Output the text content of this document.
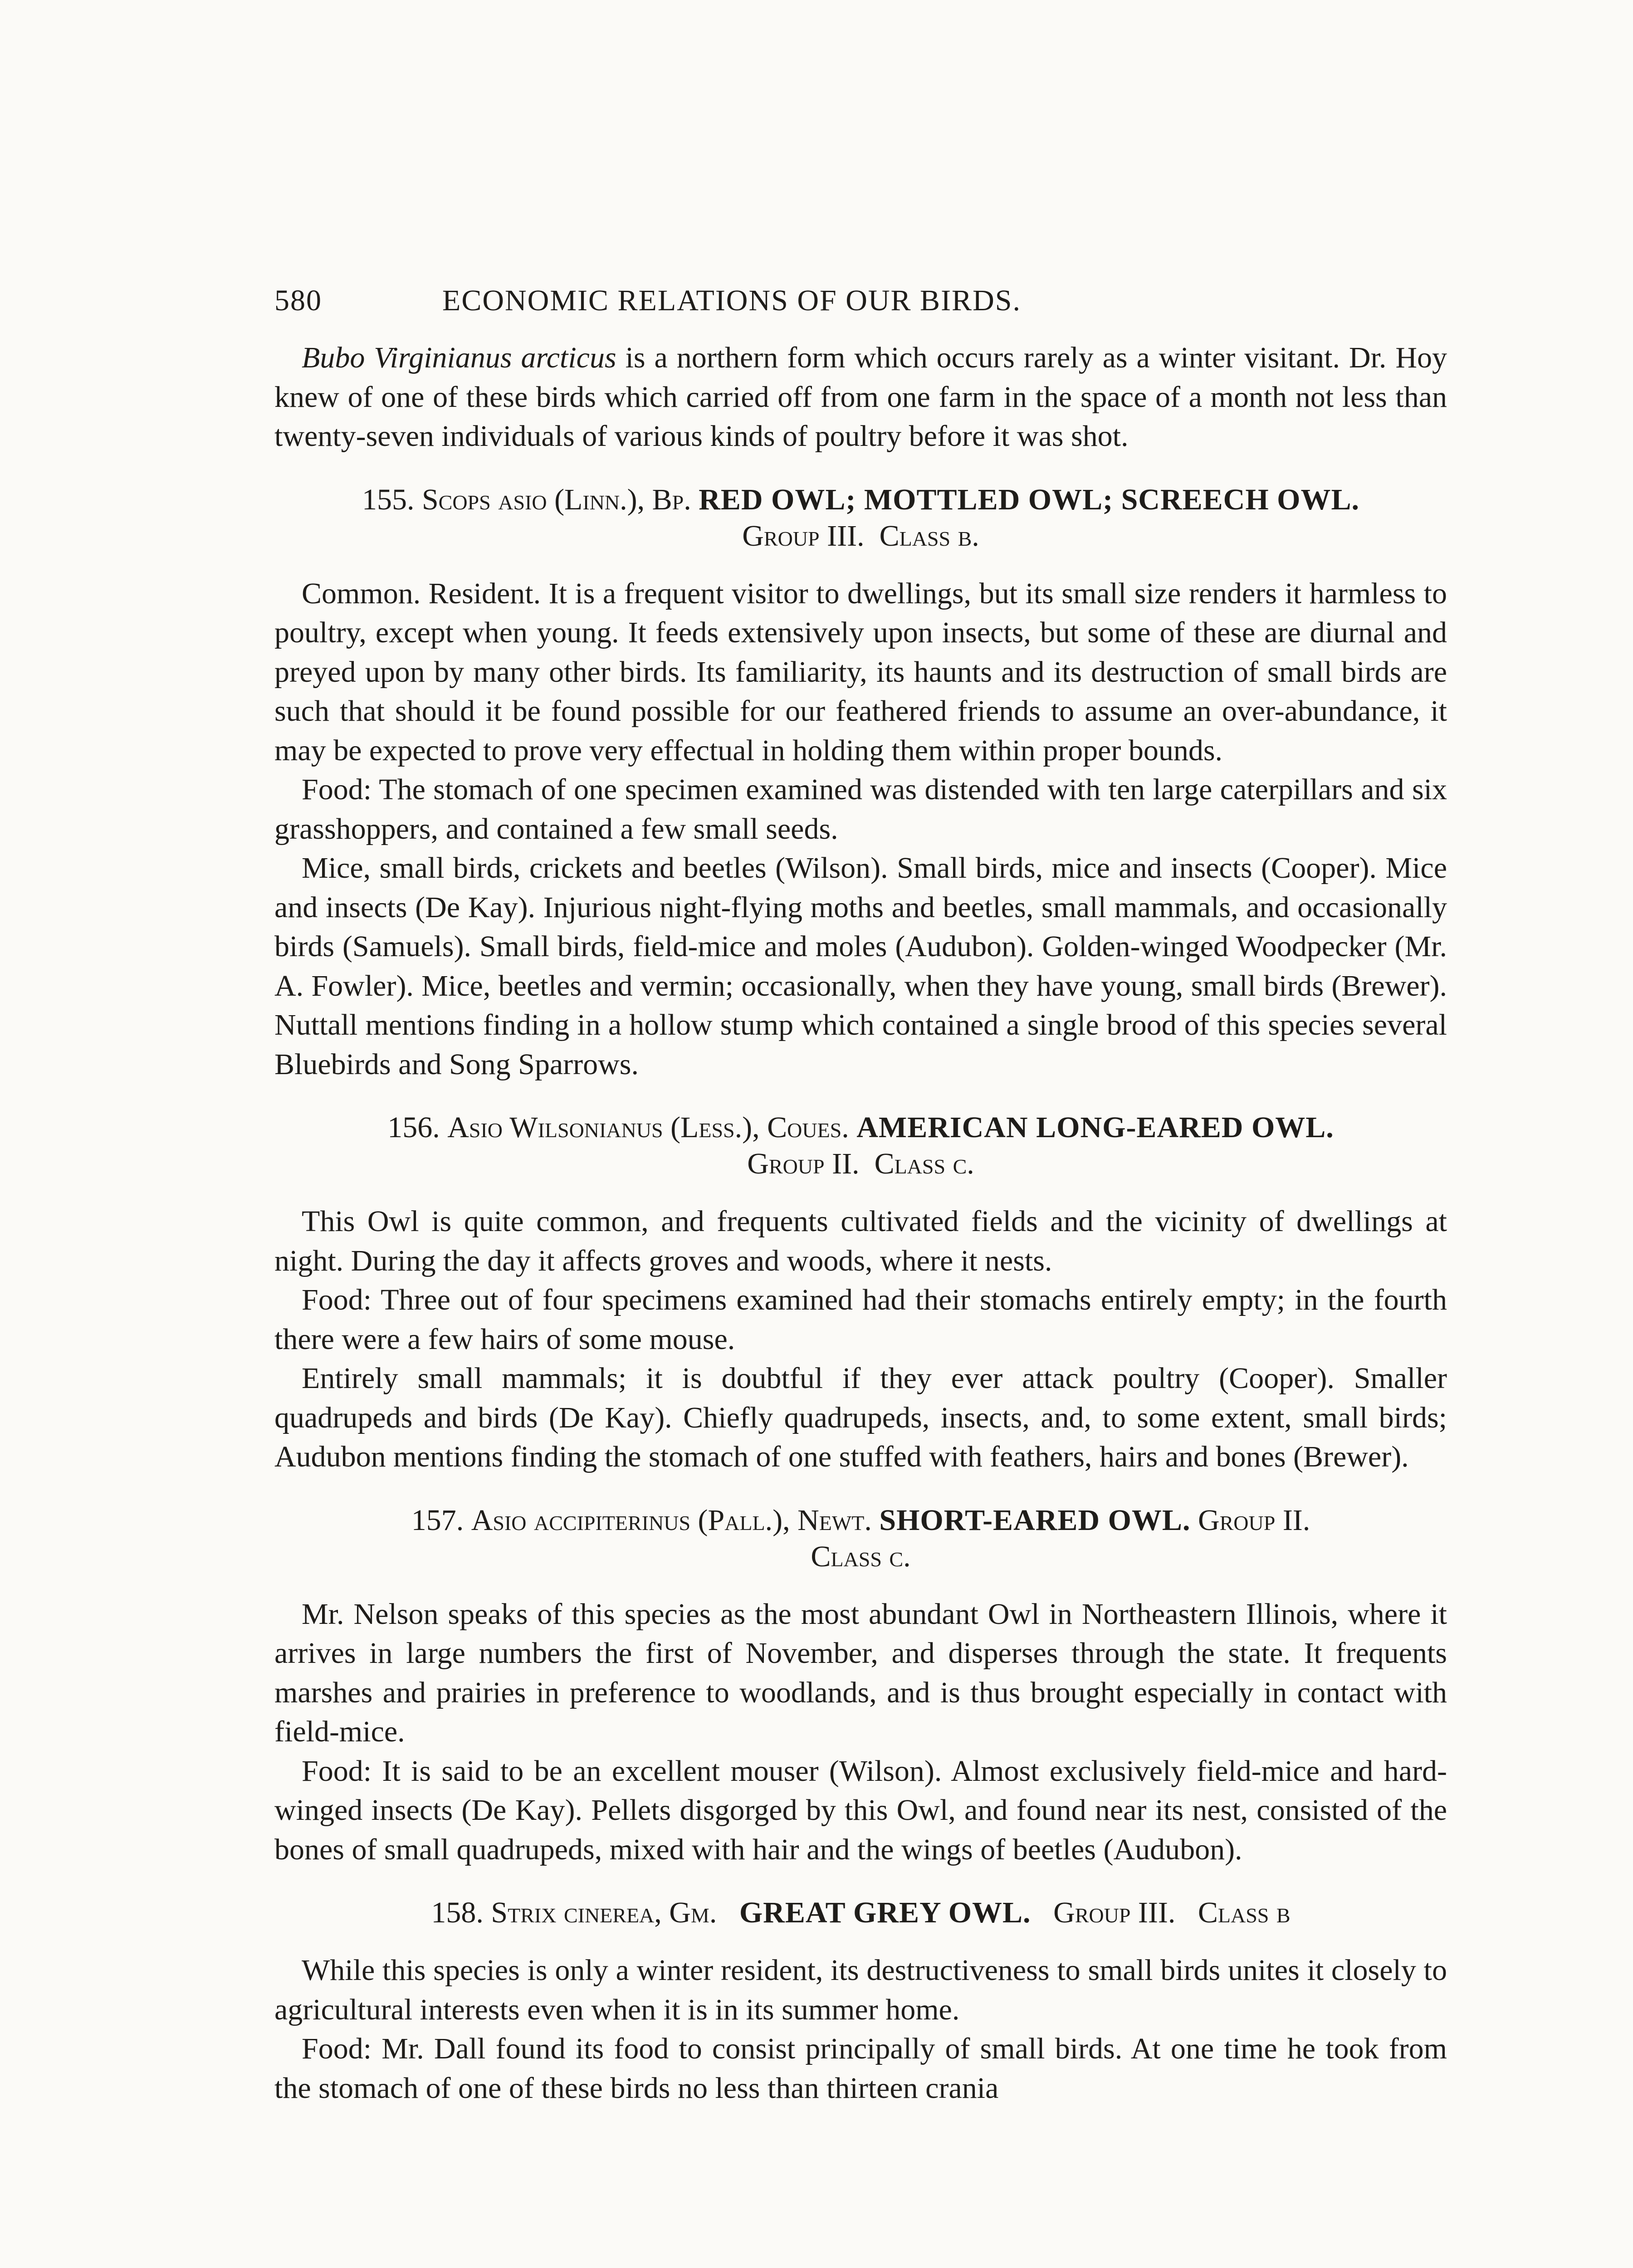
580	ECONOMIC RELATIONS OF OUR BIRDS.

Bubo Virginianus arcticus is a northern form which occurs rarely as a winter visitant. Dr. Hoy knew of one of these birds which carried off from one farm in the space of a month not less than twenty-seven individuals of various kinds of poultry before it was shot.

155. Scops asio (Linn.), Bp. RED OWL; MOTTLED OWL; SCREECH OWL.
Group III. Class b.

Common. Resident. It is a frequent visitor to dwellings, but its small size renders it harmless to poultry, except when young. It feeds extensively upon insects, but some of these are diurnal and preyed upon by many other birds. Its familiarity, its haunts and its destruction of small birds are such that should it be found possible for our feathered friends to assume an over-abundance, it may be expected to prove very effectual in holding them within proper bounds.

Food: The stomach of one specimen examined was distended with ten large caterpillars and six grasshoppers, and contained a few small seeds.

Mice, small birds, crickets and beetles (Wilson). Small birds, mice and insects (Cooper). Mice and insects (De Kay). Injurious night-flying moths and beetles, small mammals, and occasionally birds (Samuels). Small birds, field-mice and moles (Audubon). Golden-winged Woodpecker (Mr. A. Fowler). Mice, beetles and vermin; occasionally, when they have young, small birds (Brewer). Nuttall mentions finding in a hollow stump which contained a single brood of this species several Bluebirds and Song Sparrows.

156. Asio Wilsonianus (Less.), Coues. AMERICAN LONG-EARED OWL.
Group II. Class c.

This Owl is quite common, and frequents cultivated fields and the vicinity of dwellings at night. During the day it affects groves and woods, where it nests.

Food: Three out of four specimens examined had their stomachs entirely empty; in the fourth there were a few hairs of some mouse.

Entirely small mammals; it is doubtful if they ever attack poultry (Cooper). Smaller quadrupeds and birds (De Kay). Chiefly quadrupeds, insects, and, to some extent, small birds; Audubon mentions finding the stomach of one stuffed with feathers, hairs and bones (Brewer).

157. Asio accipiterinus (Pall.), Newt. SHORT-EARED OWL. Group II.
Class c.

Mr. Nelson speaks of this species as the most abundant Owl in Northeastern Illinois, where it arrives in large numbers the first of November, and disperses through the state. It frequents marshes and prairies in preference to woodlands, and is thus brought especially in contact with field-mice.

Food: It is said to be an excellent mouser (Wilson). Almost exclusively field-mice and hard-winged insects (De Kay). Pellets disgorged by this Owl, and found near its nest, consisted of the bones of small quadrupeds, mixed with hair and the wings of beetles (Audubon).

158. Strix cinerea, Gm. GREAT GREY OWL. Group III. Class b

While this species is only a winter resident, its destructiveness to small birds unites it closely to agricultural interests even when it is in its summer home.

Food: Mr. Dall found its food to consist principally of small birds. At one time he took from the stomach of one of these birds no less than thirteen crania
